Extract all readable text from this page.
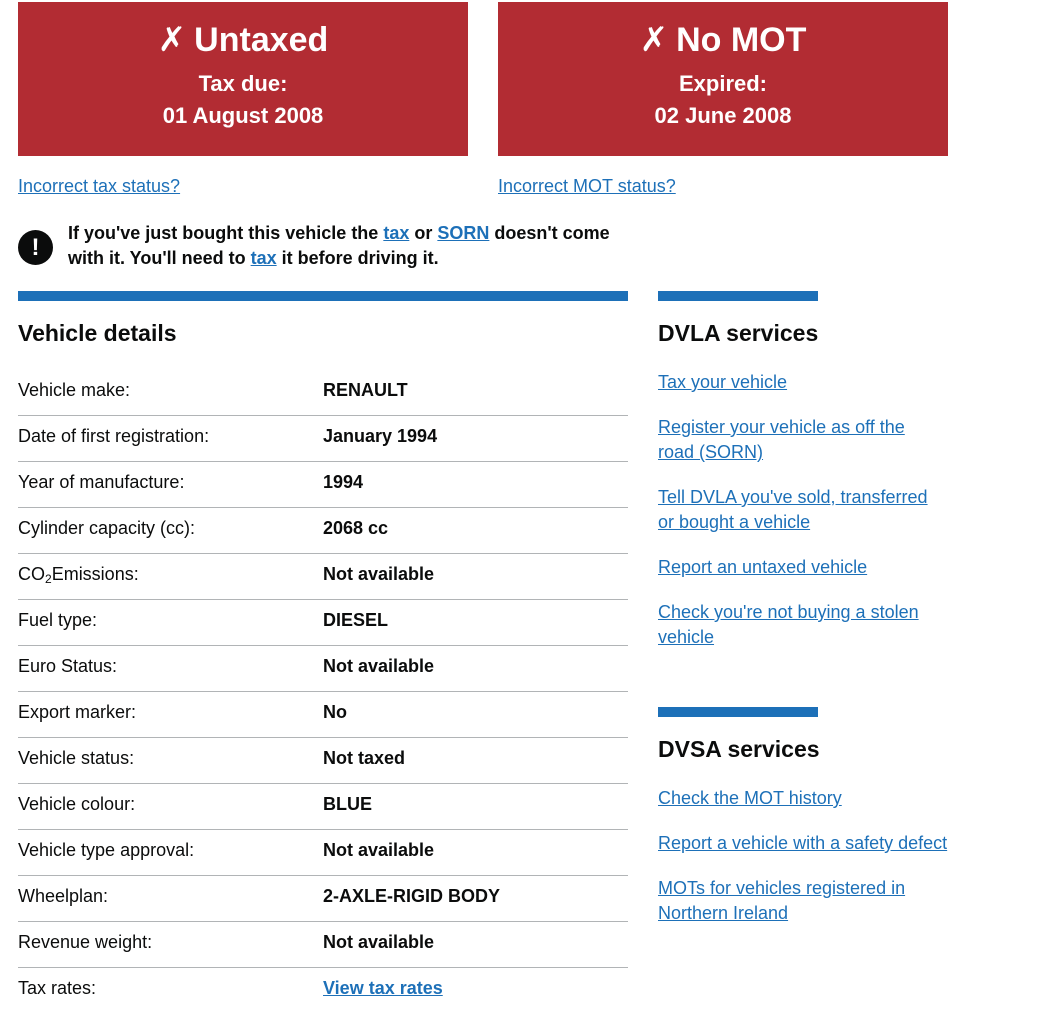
✗ Untaxed
Tax due:
01 August 2008
✗ No MOT
Expired:
02 June 2008
Incorrect tax status?	Incorrect MOT status?
!
If you've just bought this vehicle the tax or SORN doesn't come with it. You'll need to tax it before driving it.
Vehicle details
Vehicle make:	RENAULT
Date of first registration:	January 1994
Year of manufacture:	1994
Cylinder capacity (cc):	2068 cc
CO2Emissions:	Not available
Fuel type:	DIESEL
Euro Status:	Not available
Export marker:	No
Vehicle status:	Not taxed
Vehicle colour:	BLUE
Vehicle type approval:	Not available
Wheelplan:	2-AXLE-RIGID BODY
Revenue weight:	Not available
Tax rates:	View tax rates
DVLA services
Tax your vehicle
Register your vehicle as off the
road (SORN)
Tell DVLA you've sold, transferred
or bought a vehicle
Report an untaxed vehicle
Check you're not buying a stolen
vehicle
DVSA services
Check the MOT history
Report a vehicle with a safety defect
MOTs for vehicles registered in
Northern Ireland
